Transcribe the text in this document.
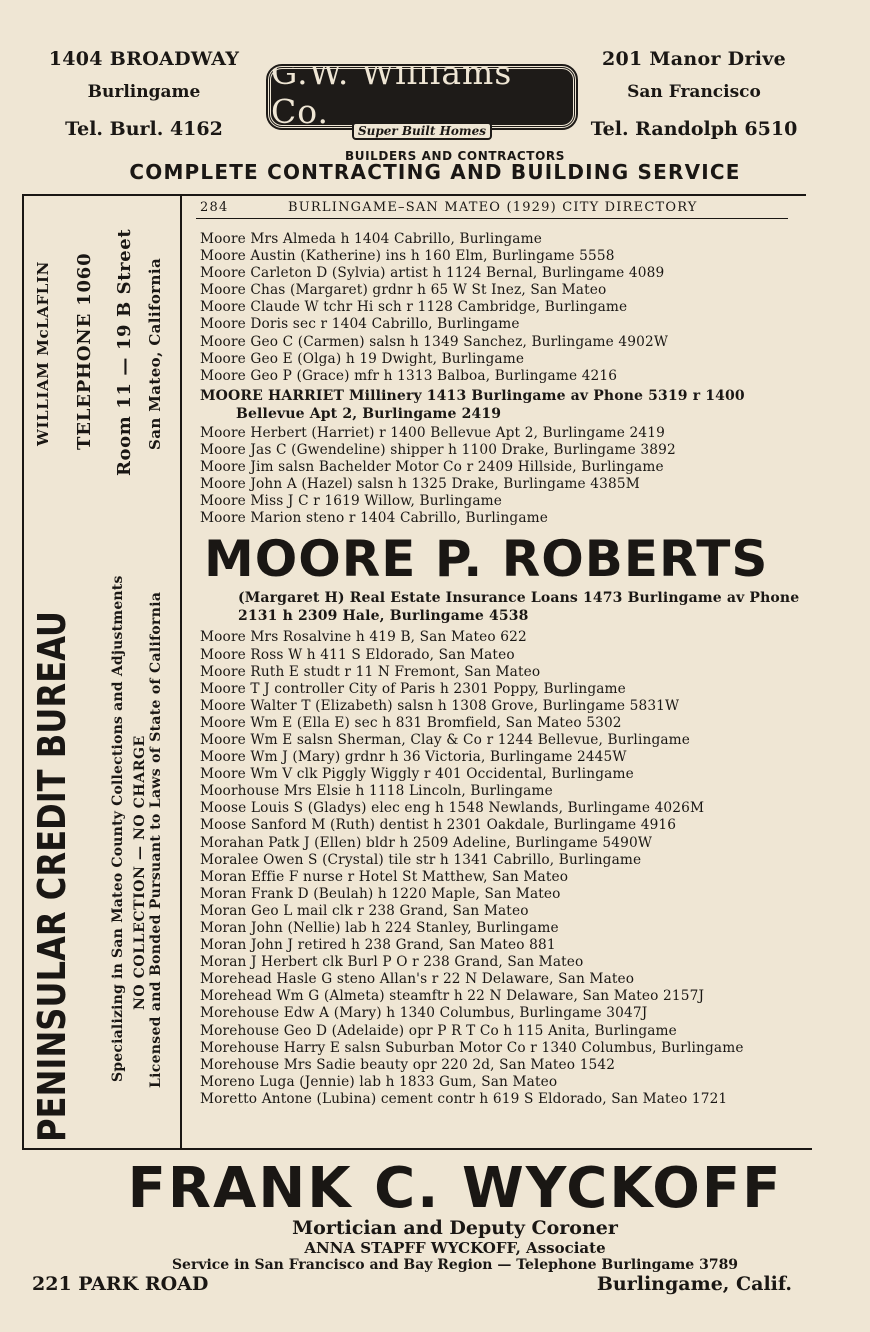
1404 BROADWAY
Burlingame
Tel. Burl. 4162
G.W. Williams Co.	Super Built Homes
201 Manor Drive
San Francisco
Tel. Randolph 6510
BUILDERS AND CONTRACTORS
COMPLETE CONTRACTING AND BUILDING SERVICE
PENINSULAR CREDIT BUREAU	Specializing in San Mateo County Collections and Adjustments NO COLLECTION — NO CHARGE Licensed and Bonded Pursuant to Laws of State of California
WILLIAM McLAFLIN TELEPHONE 1060 Room 11 — 19 B Street San Mateo, California
284	BURLINGAME–SAN MATEO (1929) CITY DIRECTORY
Moore Mrs Almeda h 1404 Cabrillo, Burlingame
Moore Austin (Katherine) ins h 160 Elm, Burlingame 5558
Moore Carleton D (Sylvia) artist h 1124 Bernal, Burlingame 4089
Moore Chas (Margaret) grdnr h 65 W St Inez, San Mateo
Moore Claude W tchr Hi sch r 1128 Cambridge, Burlingame
Moore Doris sec r 1404 Cabrillo, Burlingame
Moore Geo C (Carmen) salsn h 1349 Sanchez, Burlingame 4902W
Moore Geo E (Olga) h 19 Dwight, Burlingame
Moore Geo P (Grace) mfr h 1313 Balboa, Burlingame 4216
MOORE HARRIET Millinery 1413 Burlingame av Phone 5319 r 1400 Bellevue Apt 2, Burlingame 2419
Moore Herbert (Harriet) r 1400 Bellevue Apt 2, Burlingame 2419
Moore Jas C (Gwendeline) shipper h 1100 Drake, Burlingame 3892
Moore Jim salsn Bachelder Motor Co r 2409 Hillside, Burlingame
Moore John A (Hazel) salsn h 1325 Drake, Burlingame 4385M
Moore Miss J C r 1619 Willow, Burlingame
Moore Marion steno r 1404 Cabrillo, Burlingame
MOORE P. ROBERTS
(Margaret H) Real Estate Insurance Loans 1473 Burlingame av Phone 2131 h 2309 Hale, Burlingame 4538
Moore Mrs Rosalvine h 419 B, San Mateo 622
Moore Ross W h 411 S Eldorado, San Mateo
Moore Ruth E studt r 11 N Fremont, San Mateo
Moore T J controller City of Paris h 2301 Poppy, Burlingame
Moore Walter T (Elizabeth) salsn h 1308 Grove, Burlingame 5831W
Moore Wm E (Ella E) sec h 831 Bromfield, San Mateo 5302
Moore Wm E salsn Sherman, Clay & Co r 1244 Bellevue, Burlingame
Moore Wm J (Mary) grdnr h 36 Victoria, Burlingame 2445W
Moore Wm V clk Piggly Wiggly r 401 Occidental, Burlingame
Moorhouse Mrs Elsie h 1118 Lincoln, Burlingame
Moose Louis S (Gladys) elec eng h 1548 Newlands, Burlingame 4026M
Moose Sanford M (Ruth) dentist h 2301 Oakdale, Burlingame 4916
Morahan Patk J (Ellen) bldr h 2509 Adeline, Burlingame 5490W
Moralee Owen S (Crystal) tile str h 1341 Cabrillo, Burlingame
Moran Effie F nurse r Hotel St Matthew, San Mateo
Moran Frank D (Beulah) h 1220 Maple, San Mateo
Moran Geo L mail clk r 238 Grand, San Mateo
Moran John (Nellie) lab h 224 Stanley, Burlingame
Moran John J retired h 238 Grand, San Mateo 881
Moran J Herbert clk Burl P O r 238 Grand, San Mateo
Morehead Hasle G steno Allan's r 22 N Delaware, San Mateo
Morehead Wm G (Almeta) steamftr h 22 N Delaware, San Mateo 2157J
Morehouse Edw A (Mary) h 1340 Columbus, Burlingame 3047J
Morehouse Geo D (Adelaide) opr P R T Co h 115 Anita, Burlingame
Morehouse Harry E salsn Suburban Motor Co r 1340 Columbus, Burlingame
Morehouse Mrs Sadie beauty opr 220 2d, San Mateo 1542
Moreno Luga (Jennie) lab h 1833 Gum, San Mateo
Moretto Antone (Lubina) cement contr h 619 S Eldorado, San Mateo 1721
FRANK C. WYCKOFF
Mortician and Deputy Coroner
ANNA STAPFF WYCKOFF, Associate
Service in San Francisco and Bay Region — Telephone Burlingame 3789
221 PARK ROAD	Burlingame, Calif.
